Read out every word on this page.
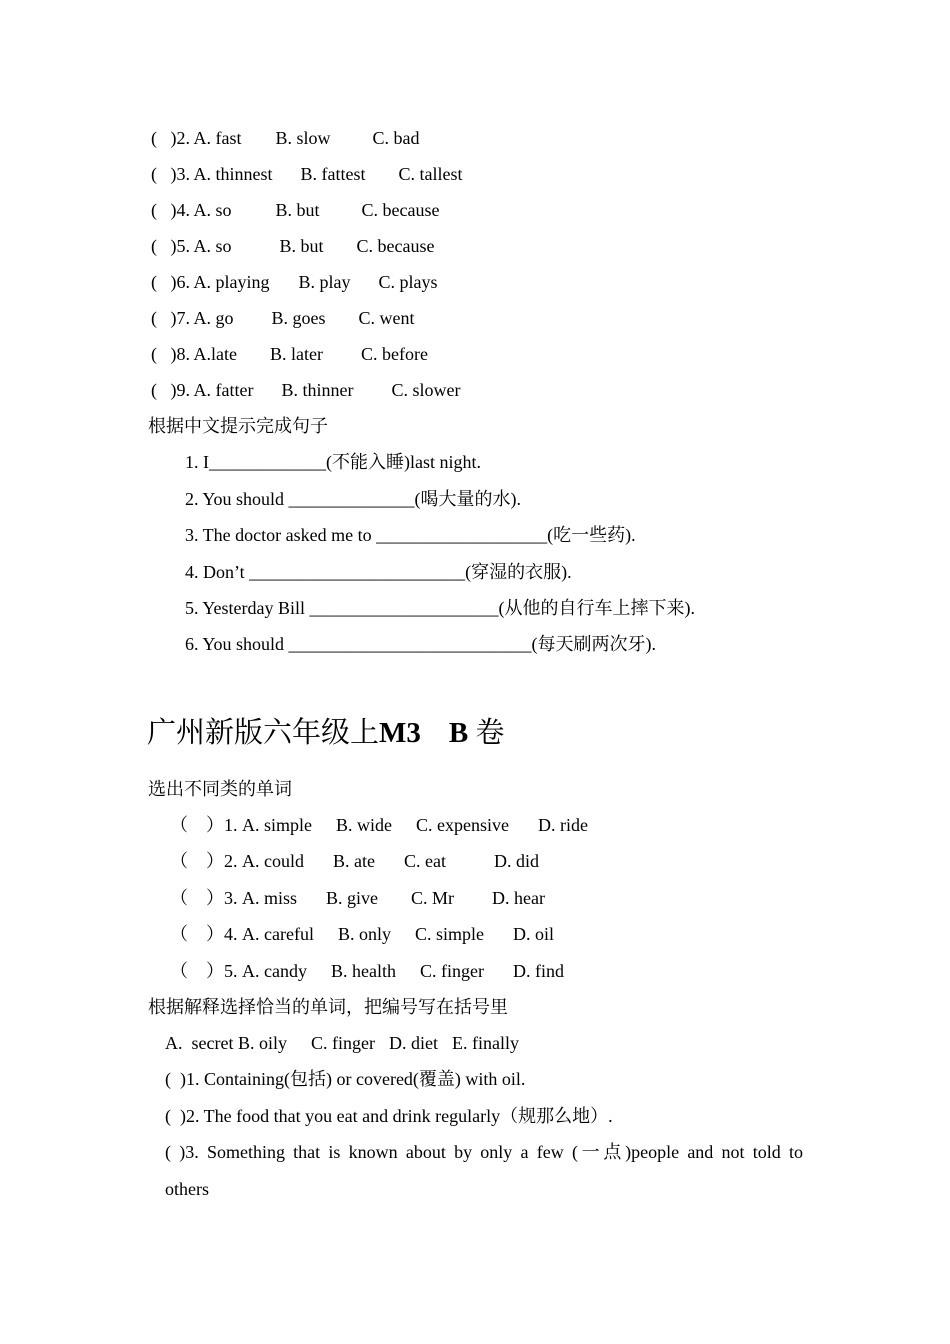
(   )2. A. fast B. slow C. bad
(   )3. A. thinnest B. fattest C. tallest
(   )4. A. so B. but C. because
(   )5. A. so	B. but C. because
(   )6. A. playing B. play C. plays
(   )7. A. go B. goes C. went
(   )8. A.late B. later C. before
(   )9. A. fatter B. thinner C. slower
根据中文提示完成句子
1. I_____________(不能入睡)last night.
2. You should ______________(喝大量的水).
3. The doctor asked me to ___________________(吃一些药).
4. Don’t ________________________(穿湿的衣服).
5. Yesterday Bill _____________________(从他的自行车上摔下来).
6. You should ___________________________(每天刷两次牙).
广州新版六年级上M3 B 卷
选出不同类的单词
（    ）1. A. simple B. wide C. expensive D. ride
（    ）2. A. could B. ate C. eat	D. did
（    ）3. A. miss B. give C. Mr D. hear
（    ）4. A. careful B. only C. simple D. oil
（    ）5. A. candy B. health C. finger D. find
根据解释选择恰当的单词，把编号写在括号里
A.  secret B. oily C. finger D. diet E. finally
(  )1. Containing(包括) or covered(覆盖) with oil.
(  )2. The food that you eat and drink regularly（规那么地）.
( )3. Something that is known about by only a few (一点)people and not told to
others
